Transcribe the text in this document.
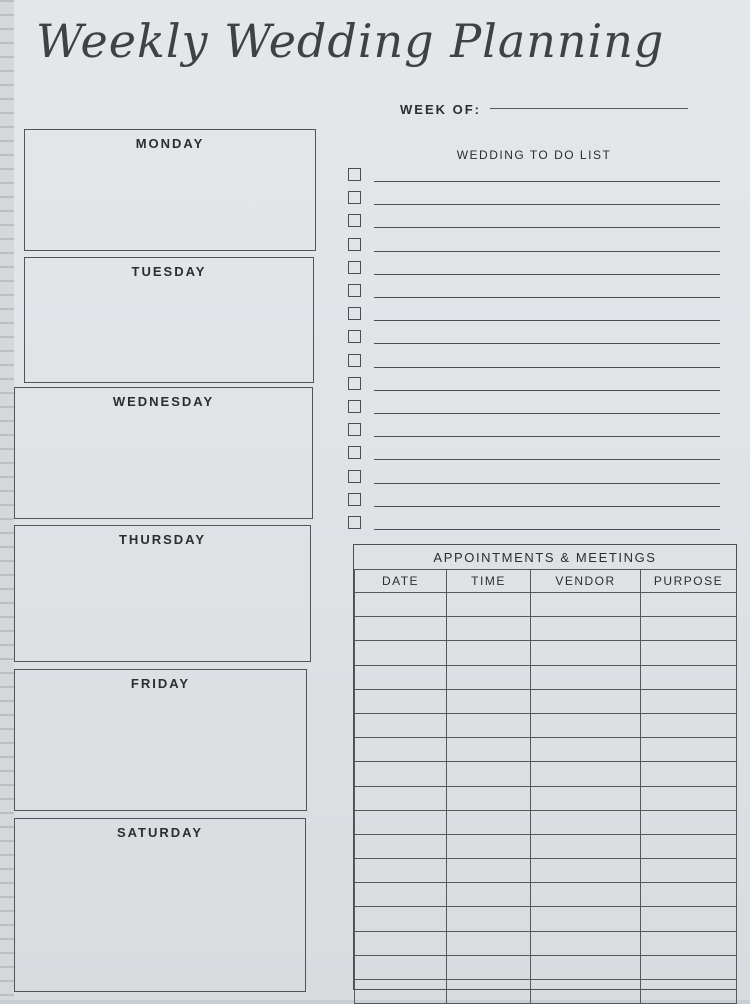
Weekly Wedding Planning
WEEK OF:
MONDAY
TUESDAY
WEDNESDAY
THURSDAY
FRIDAY
SATURDAY
WEDDING TO DO LIST
APPOINTMENTS & MEETINGS
DATE	TIME	VENDOR	PURPOSE
